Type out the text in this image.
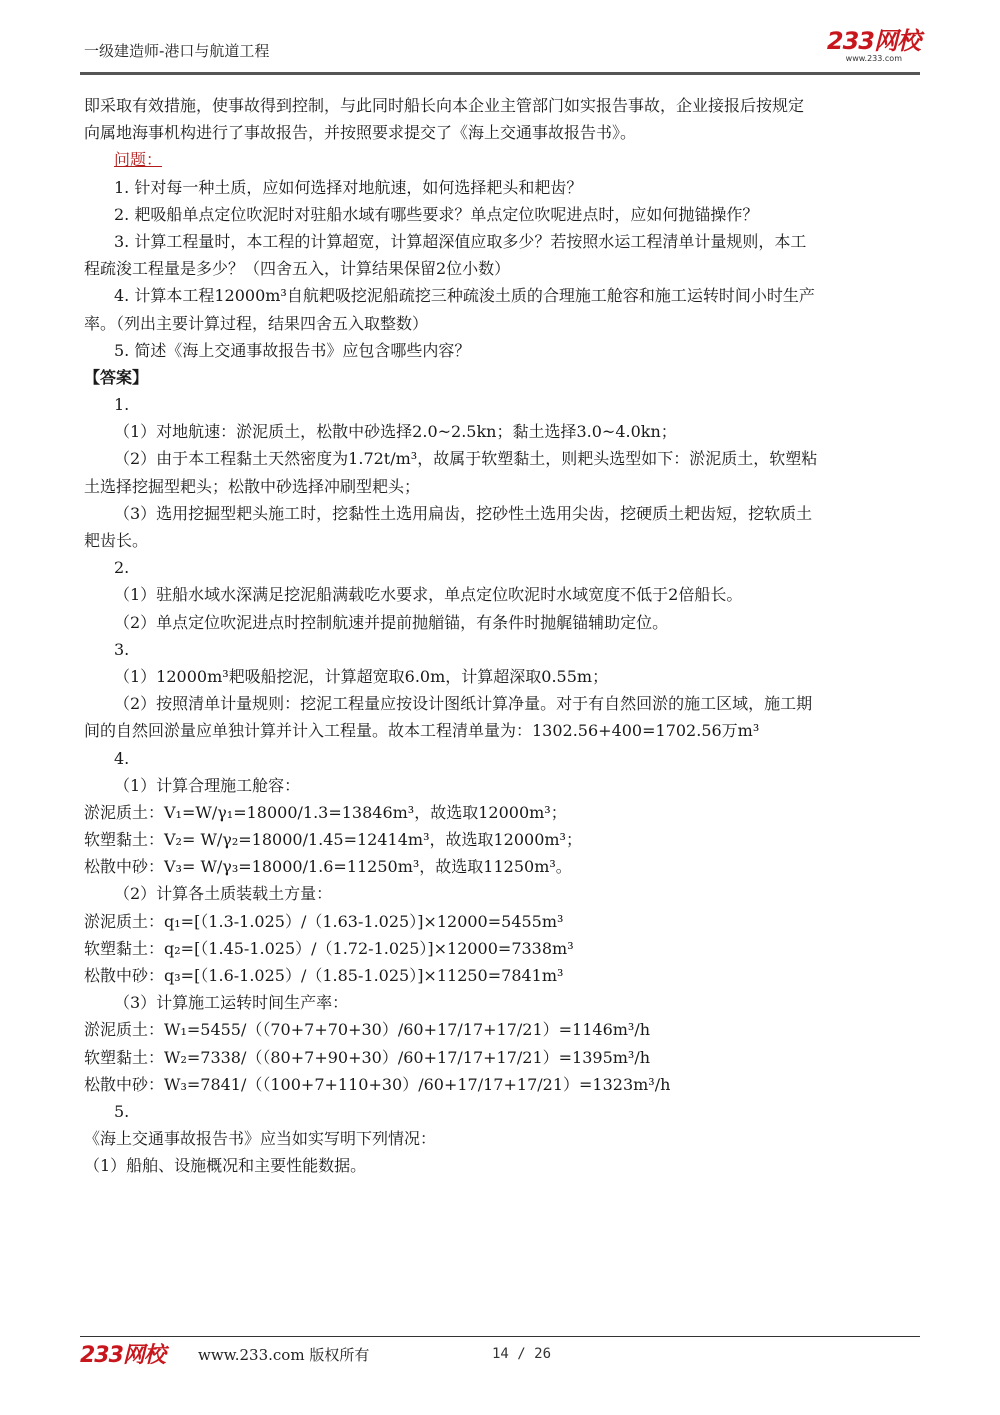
一级建造师-港口与航道工程	233网校
www.233.com
即采取有效措施，使事故得到控制，与此同时船长向本企业主管部门如实报告事故，企业接报后按规定
向属地海事机构进行了事故报告，并按照要求提交了《海上交通事故报告书》。
问题：
1. 针对每一种土质，应如何选择对地航速，如何选择耙头和耙齿？
2. 耙吸船单点定位吹泥时对驻船水域有哪些要求？单点定位吹呢进点时，应如何抛锚操作？
3. 计算工程量时，本工程的计算超宽，计算超深值应取多少？若按照水运工程清单计量规则，本工
程疏浚工程量是多少？（四舍五入，计算结果保留2位小数）
4. 计算本工程12000m³自航耙吸挖泥船疏挖三种疏浚土质的合理施工舱容和施工运转时间小时生产
率。（列出主要计算过程，结果四舍五入取整数）
5. 简述《海上交通事故报告书》应包含哪些内容？
【答案】
1.
（1）对地航速：淤泥质土，松散中砂选择2.0~2.5kn；黏土选择3.0~4.0kn；
（2）由于本工程黏土天然密度为1.72t/m³，故属于软塑黏土，则耙头选型如下：淤泥质土，软塑粘
土选择挖掘型耙头；松散中砂选择冲刷型耙头；
（3）选用挖掘型耙头施工时，挖黏性土选用扁齿，挖砂性土选用尖齿，挖硬质土耙齿短，挖软质土
耙齿长。
2.
（1）驻船水域水深满足挖泥船满载吃水要求，单点定位吹泥时水域宽度不低于2倍船长。
（2）单点定位吹泥进点时控制航速并提前抛艏锚，有条件时抛艉锚辅助定位。
3.
（1）12000m³耙吸船挖泥，计算超宽取6.0m，计算超深取0.55m；
（2）按照清单计量规则：挖泥工程量应按设计图纸计算净量。对于有自然回淤的施工区域，施工期
间的自然回淤量应单独计算并计入工程量。故本工程清单量为：1302.56+400=1702.56万m³
4.
（1）计算合理施工舱容：
淤泥质土：V₁=W/γ₁=18000/1.3=13846m³，故选取12000m³；
软塑黏土：V₂= W/γ₂=18000/1.45=12414m³，故选取12000m³；
松散中砂：V₃= W/γ₃=18000/1.6=11250m³，故选取11250m³。
（2）计算各土质装载土方量：
淤泥质土：q₁=[（1.3-1.025）/（1.63-1.025）]×12000=5455m³
软塑黏土：q₂=[（1.45-1.025）/（1.72-1.025）]×12000=7338m³
松散中砂：q₃=[（1.6-1.025）/（1.85-1.025）]×11250=7841m³
（3）计算施工运转时间生产率：
淤泥质土：W₁=5455/（（70+7+70+30）/60+17/17+17/21）=1146m³/h
软塑黏土：W₂=7338/（（80+7+90+30）/60+17/17+17/21）=1395m³/h
松散中砂：W₃=7841/（（100+7+110+30）/60+17/17+17/21）=1323m³/h
5.
《海上交通事故报告书》应当如实写明下列情况：
（1）船舶、设施概况和主要性能数据。
233网校 www.233.com 版权所有	14 / 26
